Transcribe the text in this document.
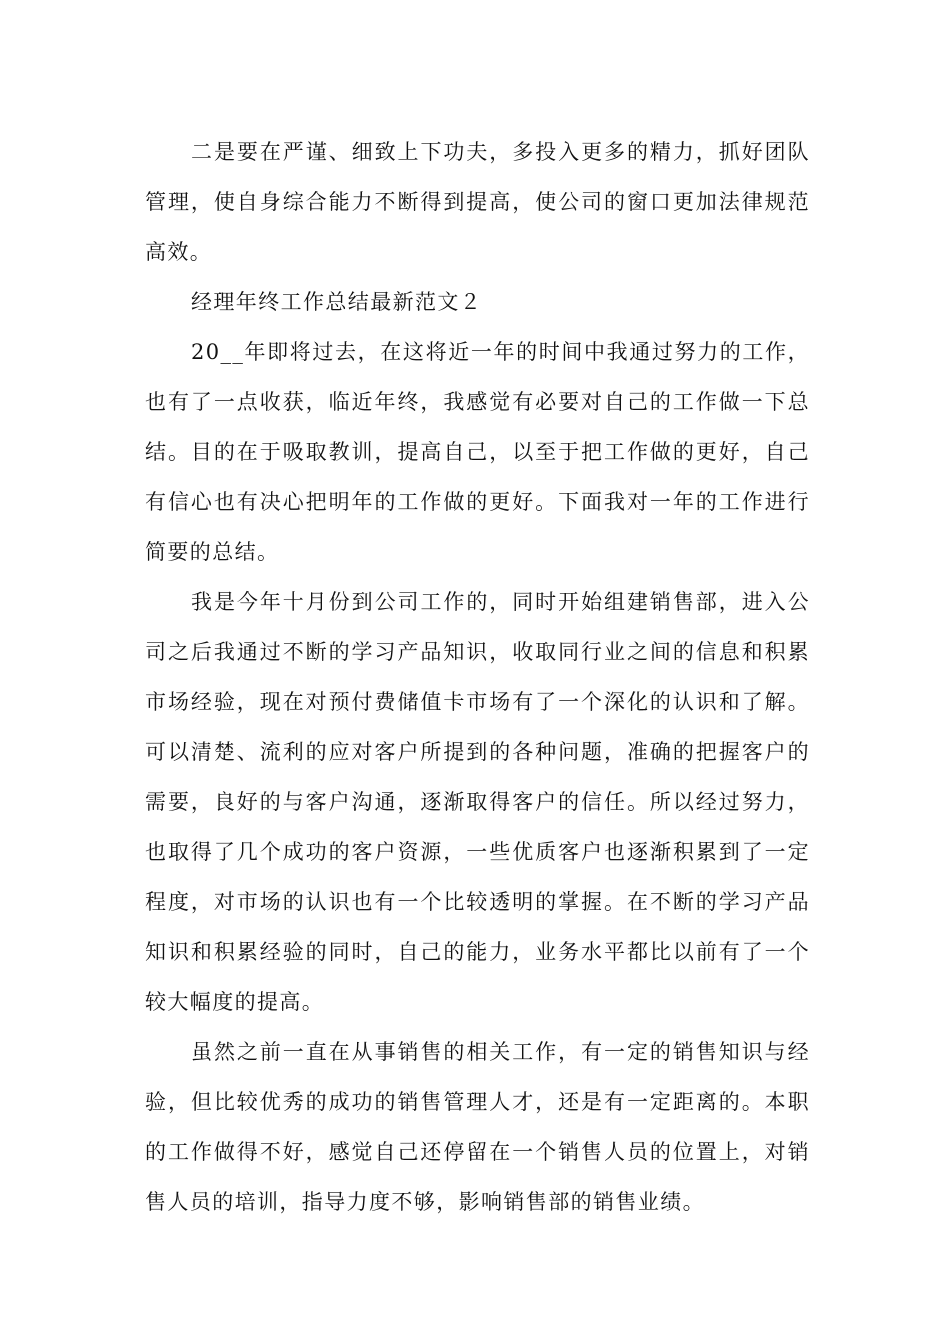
二是要在严谨、细致上下功夫，多投入更多的精力，抓好团队管理，使自身综合能力不断得到提高，使公司的窗口更加法律规范高效。

经理年终工作总结最新范文２

20__年即将过去，在这将近一年的时间中我通过努力的工作，也有了一点收获，临近年终，我感觉有必要对自己的工作做一下总结。目的在于吸取教训，提高自己，以至于把工作做的更好，自己有信心也有决心把明年的工作做的更好。下面我对一年的工作进行简要的总结。

我是今年十月份到公司工作的，同时开始组建销售部，进入公司之后我通过不断的学习产品知识，收取同行业之间的信息和积累市场经验，现在对预付费储值卡市场有了一个深化的认识和了解。可以清楚、流利的应对客户所提到的各种问题，准确的把握客户的需要，良好的与客户沟通，逐渐取得客户的信任。所以经过努力，也取得了几个成功的客户资源，一些优质客户也逐渐积累到了一定程度，对市场的认识也有一个比较透明的掌握。在不断的学习产品知识和积累经验的同时，自己的能力，业务水平都比以前有了一个较大幅度的提高。

虽然之前一直在从事销售的相关工作，有一定的销售知识与经验，但比较优秀的成功的销售管理人才，还是有一定距离的。本职的工作做得不好，感觉自己还停留在一个销售人员的位置上，对销售人员的培训，指导力度不够，影响销售部的销售业绩。
